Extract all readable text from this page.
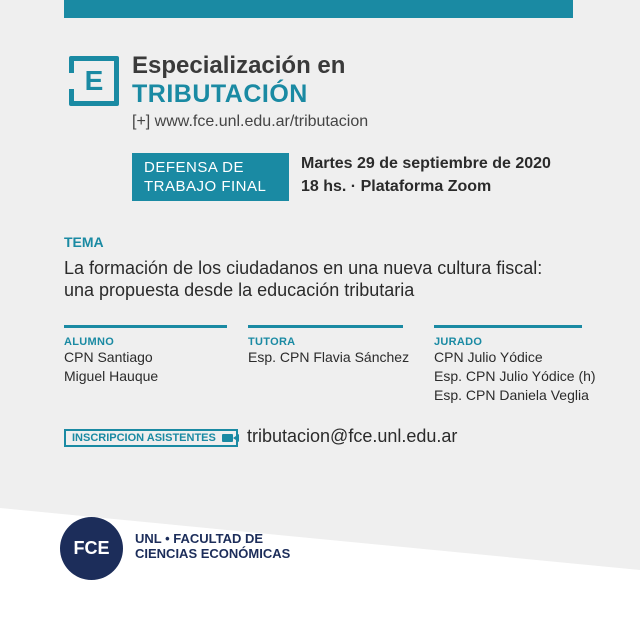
E	Especialización en
TRIBUTACIÓN
[+] www.fce.unl.edu.ar/tributacion
DEFENSA DE
TRABAJO FINAL
Martes 29 de septiembre de 2020
18 hs. · Plataforma Zoom
TEMA
La formación de los ciudadanos en una nueva cultura fiscal:
una propuesta desde la educación tributaria
ALUMNO
CPN Santiago
Miguel Hauque
TUTORA
Esp. CPN Flavia Sánchez
JURADO
CPN Julio Yódice
Esp. CPN Julio Yódice (h)
Esp. CPN Daniela Veglia
INSCRIPCION ASISTENTES tributacion@fce.unl.edu.ar
FCE UNL • FACULTAD DE
CIENCIAS ECONÓMICAS
